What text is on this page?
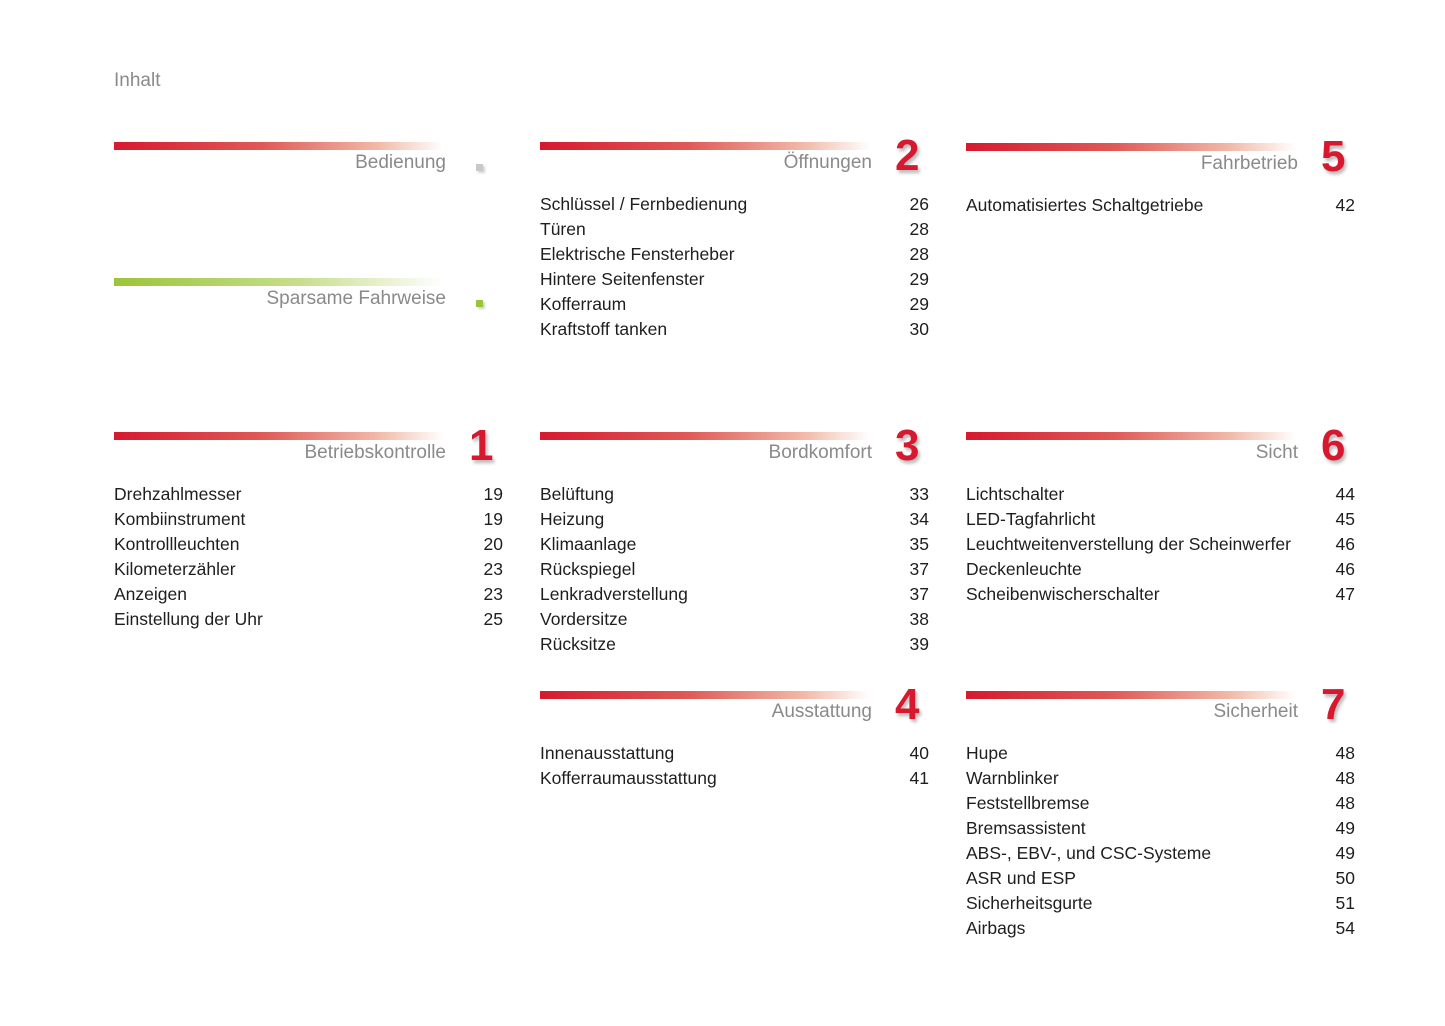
Inhalt
Bedienung
Sparsame Fahrweise
Betriebskontrolle 1
Drehzahlmesser	19
Kombiinstrument	19
Kontrollleuchten	20
Kilometerzähler	23
Anzeigen	23
Einstellung der Uhr	25
Öffnungen 2
Schlüssel / Fernbedienung	26
Türen	28
Elektrische Fensterheber	28
Hintere Seitenfenster	29
Kofferraum	29
Kraftstoff tanken	30
Bordkomfort 3
Belüftung	33
Heizung	34
Klimaanlage	35
Rückspiegel	37
Lenkradverstellung	37
Vordersitze	38
Rücksitze	39
Ausstattung 4
Innenausstattung	40
Kofferraumausstattung	41
Fahrbetrieb 5
Automatisiertes Schaltgetriebe	42
Sicht 6
Lichtschalter	44
LED-Tagfahrlicht	45
Leuchtweitenverstellung der Scheinwerfer	46
Deckenleuchte	46
Scheibenwischerschalter	47
Sicherheit 7
Hupe	48
Warnblinker	48
Feststellbremse	48
Bremsassistent	49
ABS-, EBV-, und CSC-Systeme	49
ASR und ESP	50
Sicherheitsgurte	51
Airbags	54
